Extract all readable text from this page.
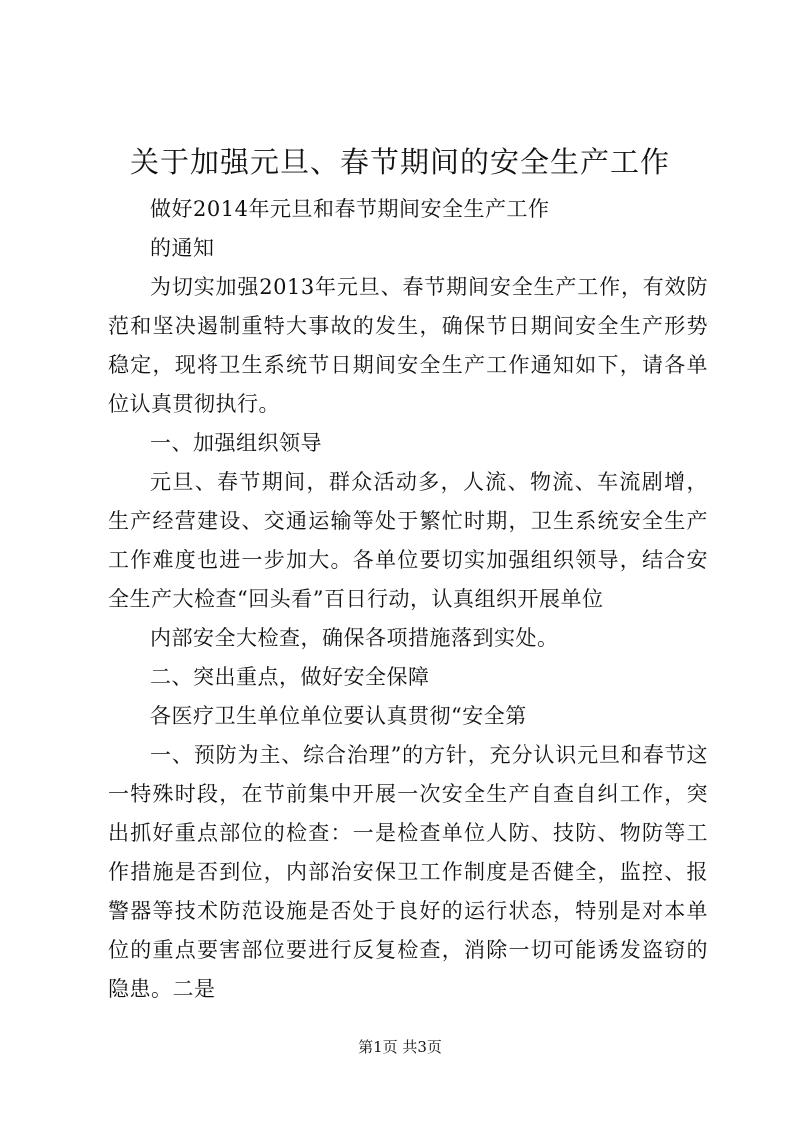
关于加强元旦、春节期间的安全生产工作

做好2014年元旦和春节期间安全生产工作

的通知

为切实加强2013年元旦、春节期间安全生产工作，有效防范和坚决遏制重特大事故的发生，确保节日期间安全生产形势稳定，现将卫生系统节日期间安全生产工作通知如下，请各单位认真贯彻执行。

一、加强组织领导

元旦、春节期间，群众活动多，人流、物流、车流剧增，生产经营建设、交通运输等处于繁忙时期，卫生系统安全生产工作难度也进一步加大。各单位要切实加强组织领导，结合安全生产大检查“回头看”百日行动，认真组织开展单位

内部安全大检查，确保各项措施落到实处。

二、突出重点，做好安全保障

各医疗卫生单位单位要认真贯彻“安全第

一、预防为主、综合治理”的方针，充分认识元旦和春节这一特殊时段，在节前集中开展一次安全生产自查自纠工作，突出抓好重点部位的检查：一是检查单位人防、技防、物防等工作措施是否到位，内部治安保卫工作制度是否健全，监控、报警器等技术防范设施是否处于良好的运行状态，特别是对本单位的重点要害部位要进行反复检查，消除一切可能诱发盗窃的隐患。二是

第1页 共3页
